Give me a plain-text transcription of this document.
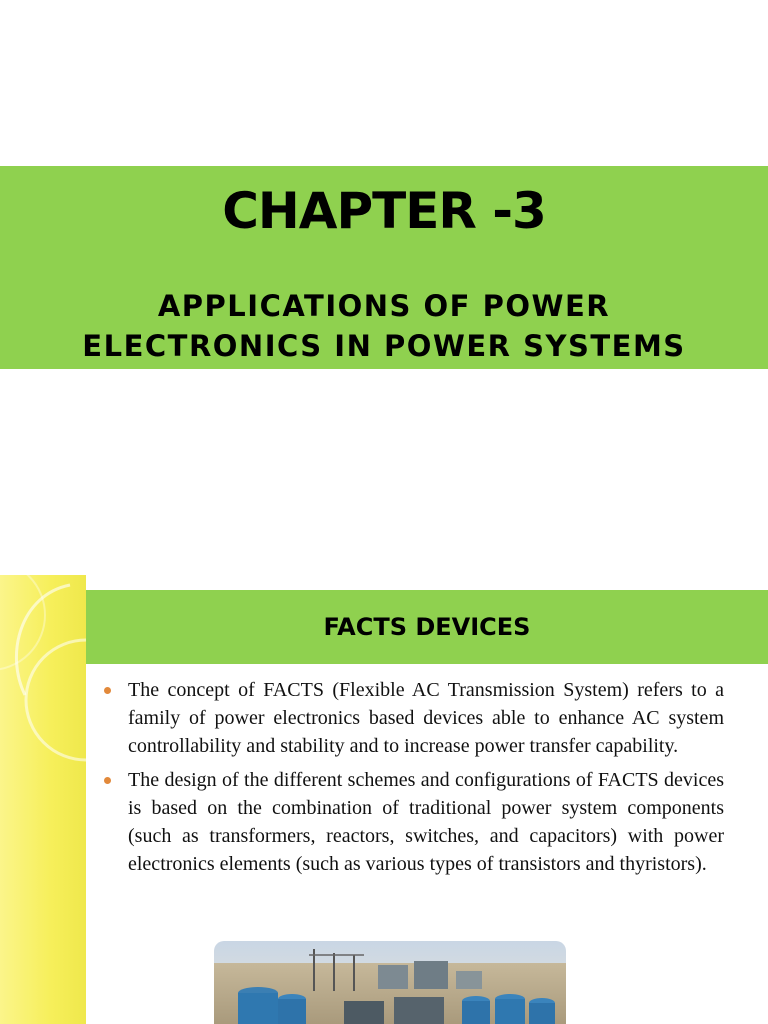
CHAPTER -3
APPLICATIONS OF POWER
ELECTRONICS IN POWER SYSTEMS
FACTS DEVICES
The concept of FACTS (Flexible AC Transmission System) refers to a family of power electronics based devices able to enhance AC system controllability and stability and to increase power transfer capability.
The design of the different schemes and configurations of FACTS devices is based on the combination of traditional power system components (such as transformers, reactors, switches, and capacitors) with power electronics elements (such as various types of transistors and thyristors).
